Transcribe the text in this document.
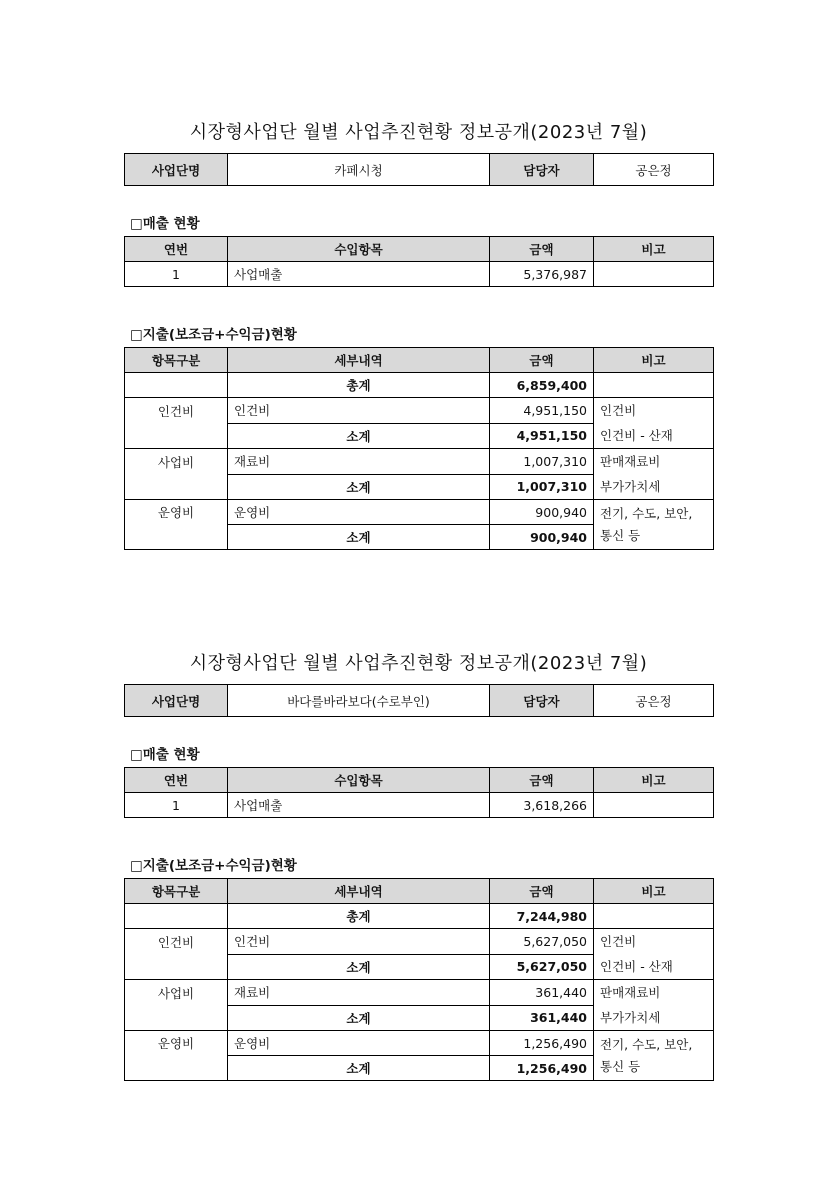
시장형사업단 월별 사업추진현황 정보공개(2023년 7월)
사업단명	카페시청	담당자	공은정
□매출 현황
연번	수입항목	금액	비고
1	사업매출	5,376,987	
□지출(보조금+수익금)현황
항목구분	세부내역	금액	비고
	총계	6,859,400	
인건비	인건비	4,951,150	인건비
인건비 - 산재

	소계	4,951,150	
사업비	재료비	1,007,310	판매재료비
부가가치세

	소계	1,007,310	
운영비	운영비	900,940	전기, 수도, 보안,
통신 등

	소계	900,940	
시장형사업단 월별 사업추진현황 정보공개(2023년 7월)
사업단명	바다를바라보다(수로부인)	담당자	공은정
□매출 현황
연번	수입항목	금액	비고
1	사업매출	3,618,266	
□지출(보조금+수익금)현황
항목구분	세부내역	금액	비고
	총계	7,244,980	
인건비	인건비	5,627,050	인건비
인건비 - 산재

	소계	5,627,050	
사업비	재료비	361,440	판매재료비
부가가치세

	소계	361,440	
운영비	운영비	1,256,490	전기, 수도, 보안,
통신 등

	소계	1,256,490	
